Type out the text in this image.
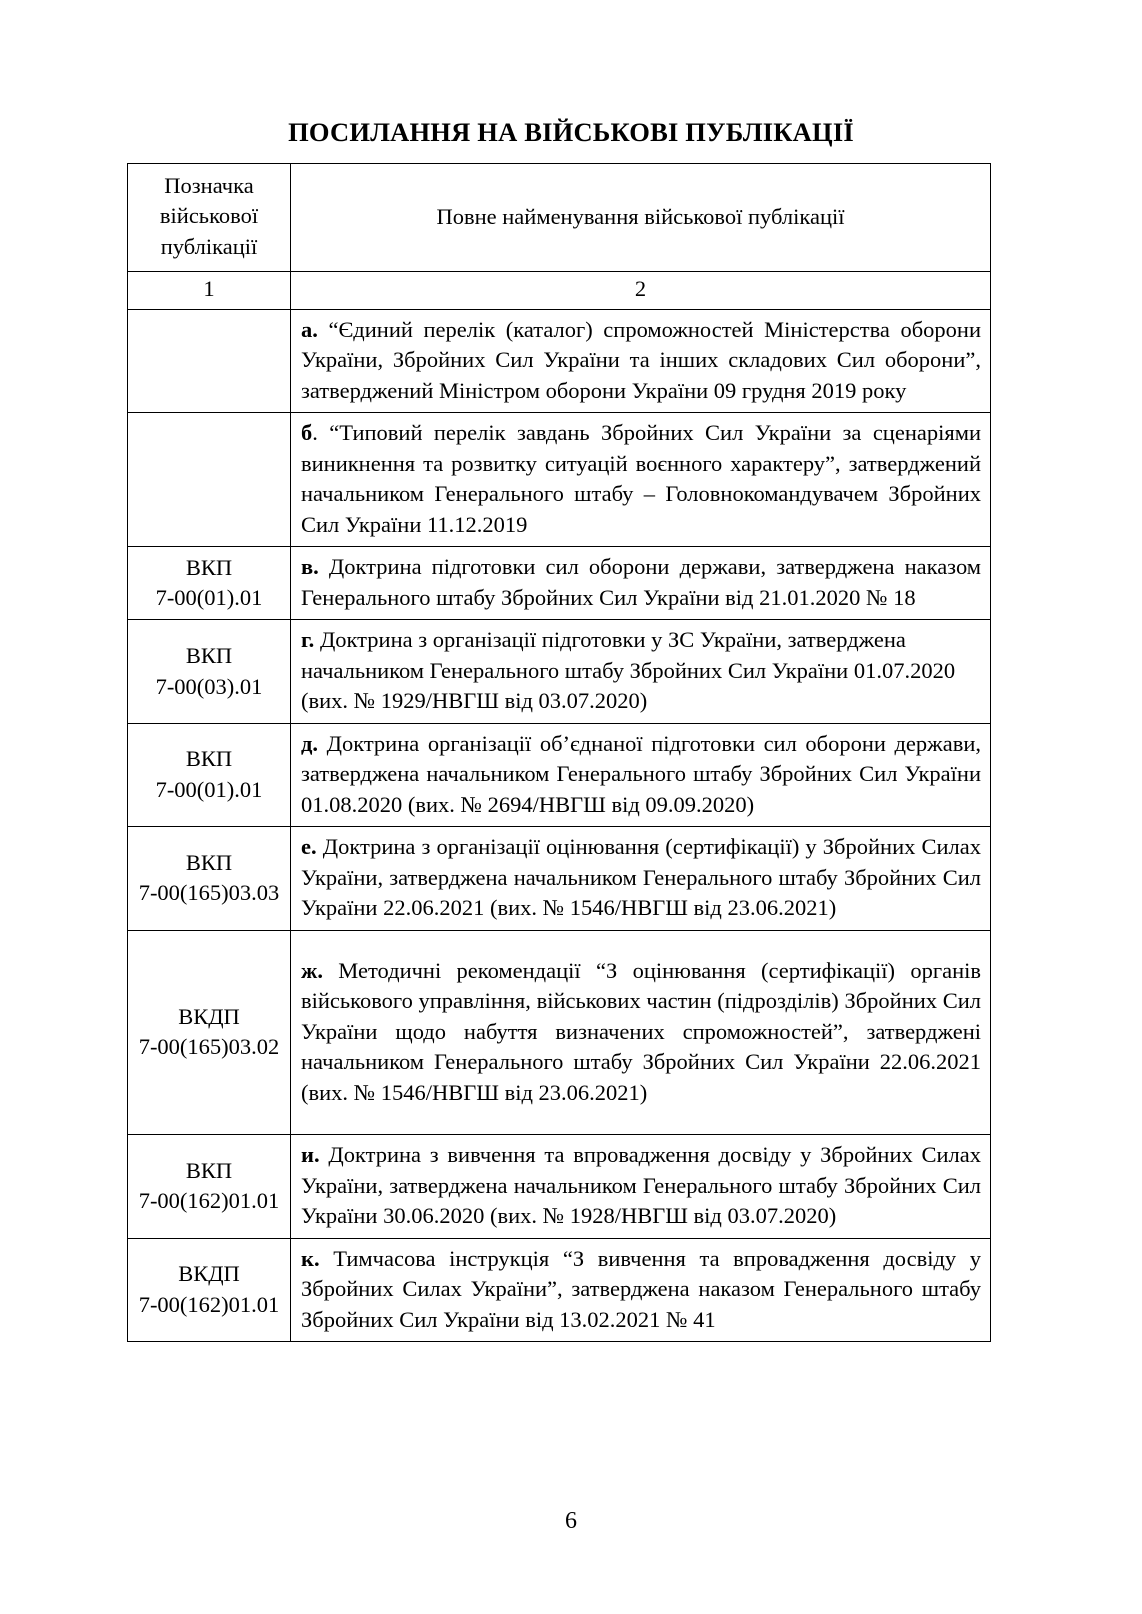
ПОСИЛАННЯ НА ВІЙСЬКОВІ ПУБЛІКАЦІЇ
Позначка
військової
публікації	Повне найменування військової публікації
1	2

	а. “Єдиний перелік (каталог) спроможностей Міністерства оборони України, Збройних Сил України та інших складових Сил оборони”, затверджений Міністром оборони України 09 грудня 2019 року

	б. “Типовий перелік завдань Збройних Сил України за сценаріями виникнення та розвитку ситуацій воєнного характеру”, затверджений начальником Генерального штабу – Головнокомандувачем Збройних Сил України 11.12.2019

ВКП
7-00(01).01	в. Доктрина підготовки сил оборони держави, затверджена наказом Генерального штабу Збройних Сил України від 21.01.2020 № 18

ВКП
7-00(03).01	г. Доктрина з організації підготовки у ЗС України, затверджена начальником Генерального штабу Збройних Сил України 01.07.2020 (вих. № 1929/НВГШ від 03.07.2020)

ВКП
7-00(01).01	д. Доктрина організації об’єднаної підготовки сил оборони держави, затверджена начальником Генерального штабу Збройних Сил України 01.08.2020 (вих. № 2694/НВГШ від 09.09.2020)

ВКП
7-00(165)03.03	е. Доктрина з організації оцінювання (сертифікації) у Збройних Силах України, затверджена начальником Генерального штабу Збройних Сил України 22.06.2021 (вих. № 1546/НВГШ від 23.06.2021)

ВКДП
7-00(165)03.02	ж. Методичні рекомендації “З оцінювання (сертифікації) органів військового управління, військових частин (підрозділів) Збройних Сил України щодо набуття визначених спроможностей”, затверджені начальником Генерального штабу Збройних Сил України 22.06.2021 (вих. № 1546/НВГШ від 23.06.2021)

ВКП
7-00(162)01.01	и. Доктрина з вивчення та впровадження досвіду у Збройних Силах України, затверджена начальником Генерального штабу Збройних Сил України 30.06.2020 (вих. № 1928/НВГШ від 03.07.2020)

ВКДП
7-00(162)01.01	к. Тимчасова інструкція “З вивчення та впровадження досвіду у Збройних Силах України”, затверджена наказом Генерального штабу Збройних Сил України від 13.02.2021 № 41

6
